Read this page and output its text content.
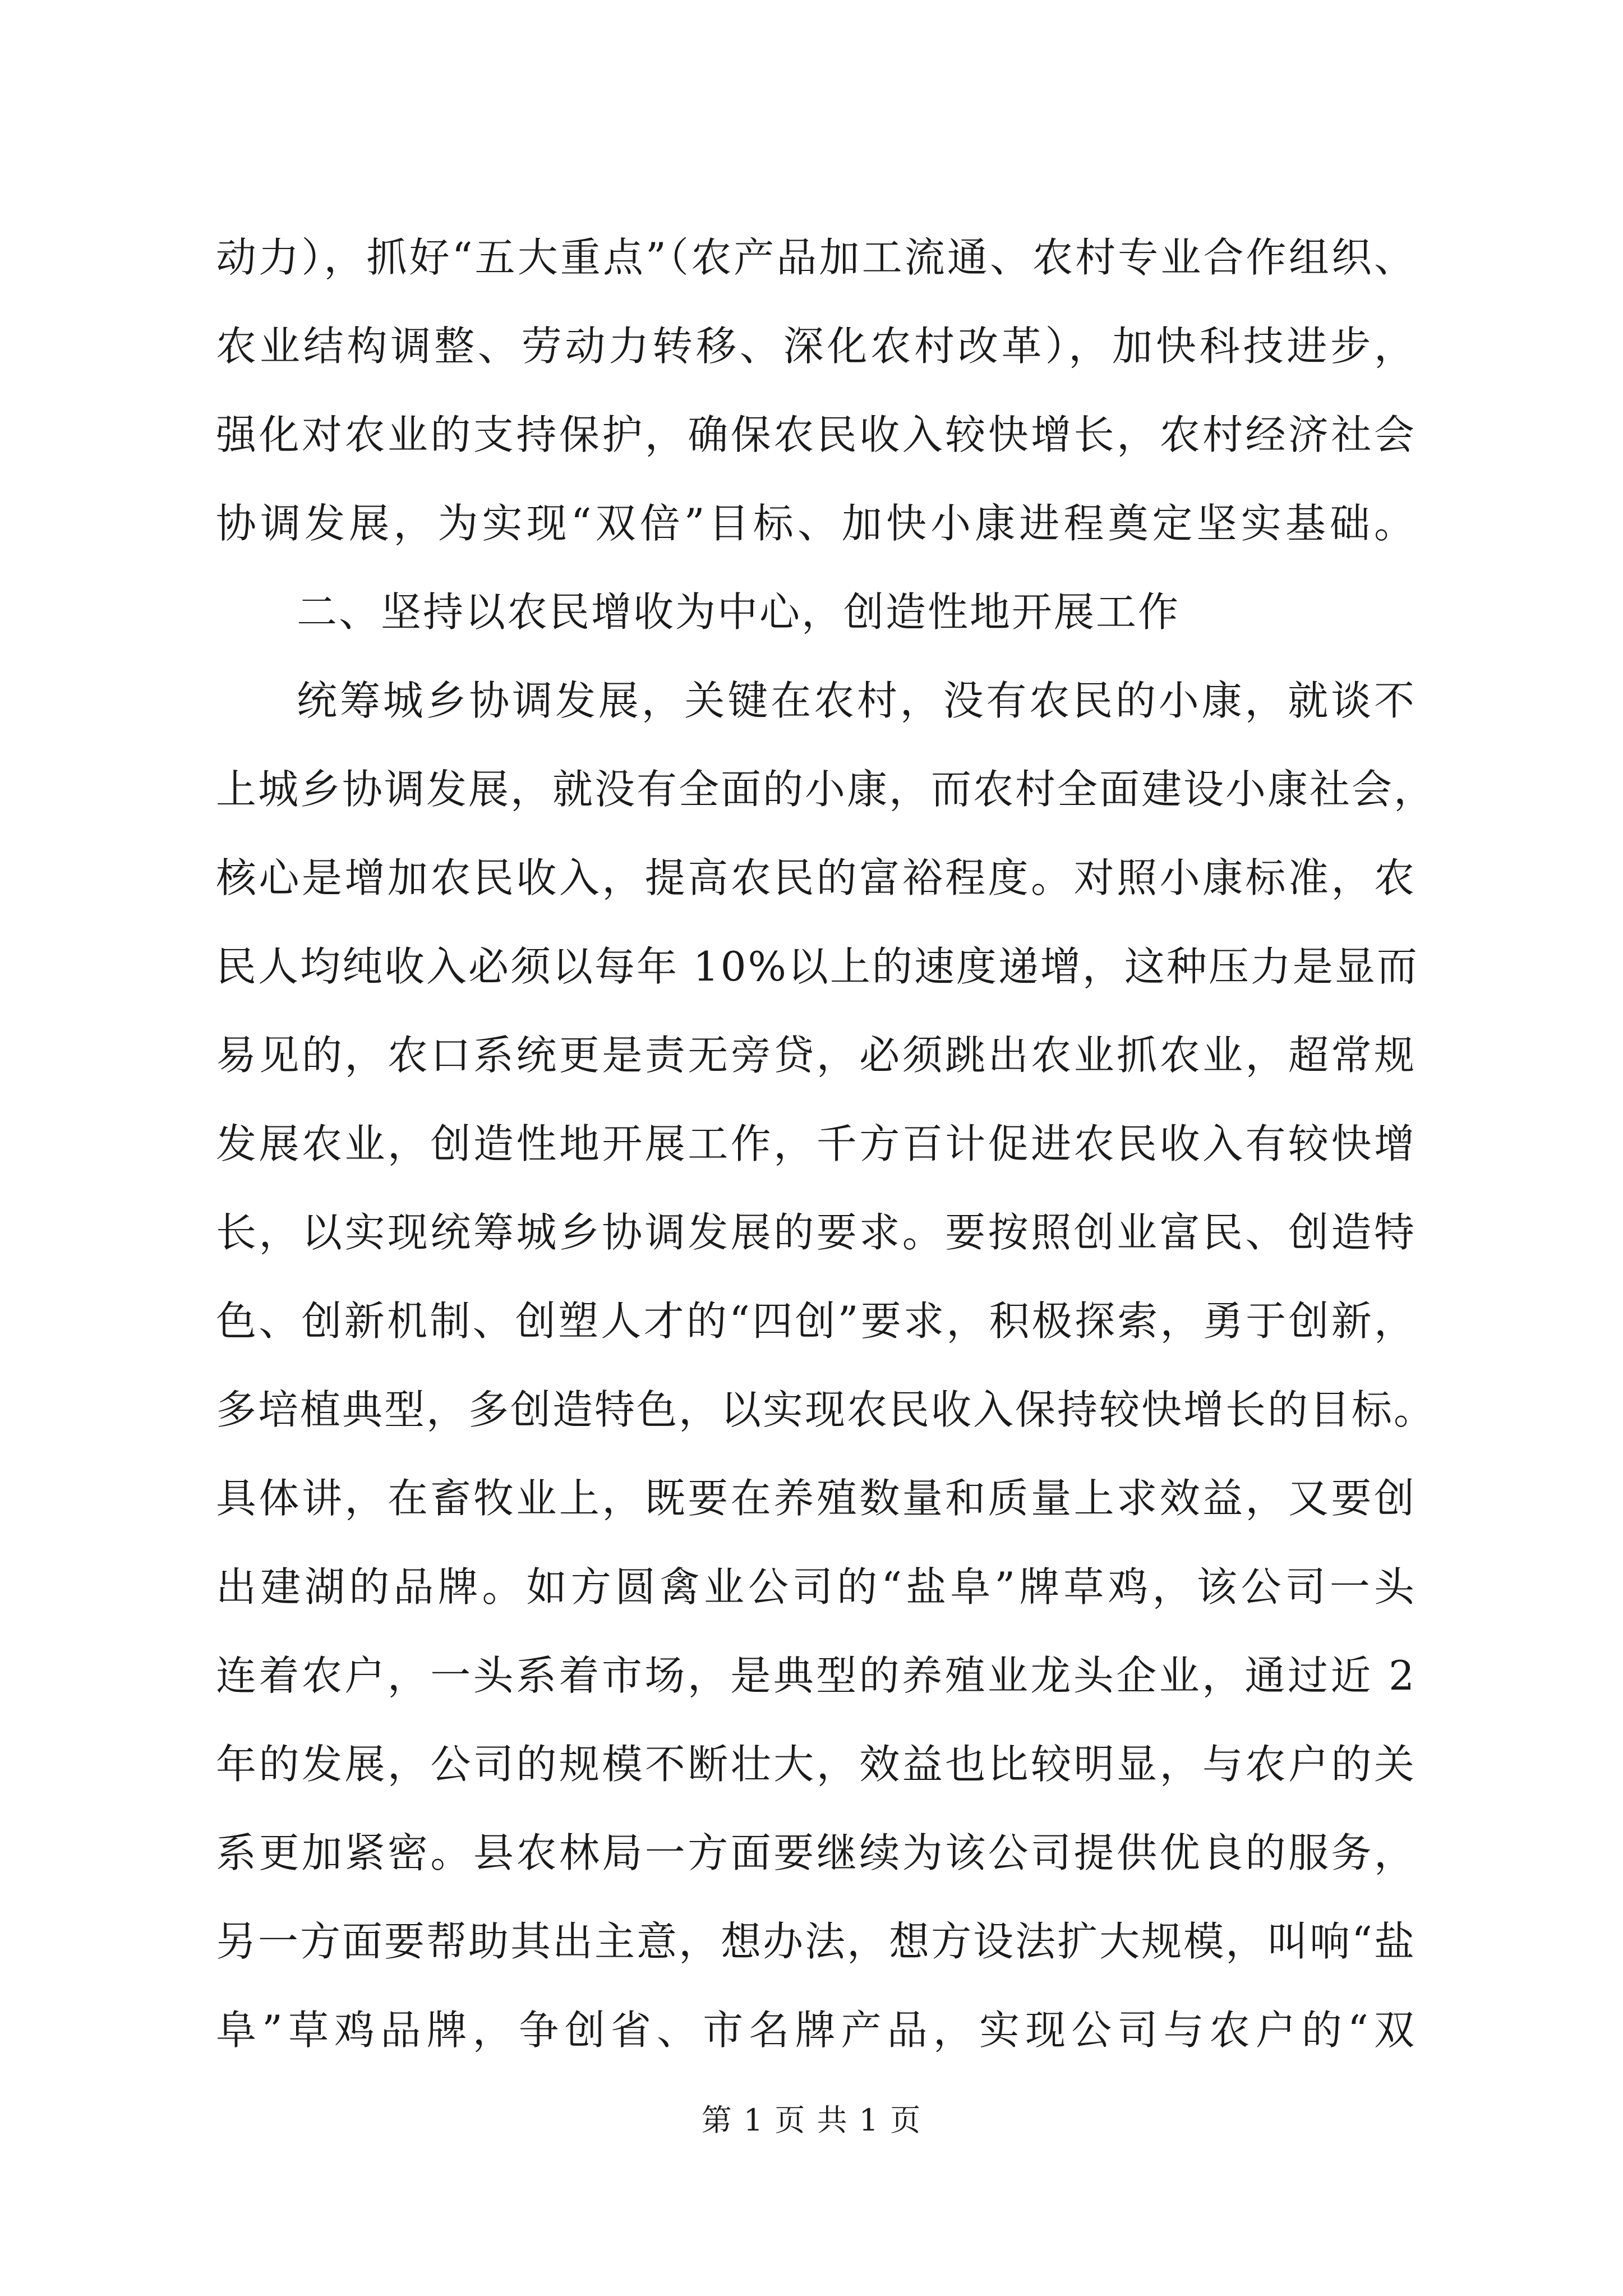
动力），抓好“五大重点”（农产品加工流通、农村专业合作组织、
农业结构调整、劳动力转移、深化农村改革），加快科技进步，
强化对农业的支持保护，确保农民收入较快增长，农村经济社会
协调发展，为实现“双倍”目标、加快小康进程奠定坚实基础。
二、坚持以农民增收为中心，创造性地开展工作
统筹城乡协调发展，关键在农村，没有农民的小康，就谈不
上城乡协调发展，就没有全面的小康，而农村全面建设小康社会，
核心是增加农民收入，提高农民的富裕程度。对照小康标准，农
民人均纯收入必须以每年 10%以上的速度递增，这种压力是显而
易见的，农口系统更是责无旁贷，必须跳出农业抓农业，超常规
发展农业，创造性地开展工作，千方百计促进农民收入有较快增
长，以实现统筹城乡协调发展的要求。要按照创业富民、创造特
色、创新机制、创塑人才的“四创”要求，积极探索，勇于创新，
多培植典型，多创造特色，以实现农民收入保持较快增长的目标。
具体讲，在畜牧业上，既要在养殖数量和质量上求效益，又要创
出建湖的品牌。如方圆禽业公司的“盐阜”牌草鸡，该公司一头
连着农户，一头系着市场，是典型的养殖业龙头企业，通过近 2
年的发展，公司的规模不断壮大，效益也比较明显，与农户的关
系更加紧密。县农林局一方面要继续为该公司提供优良的服务，
另一方面要帮助其出主意，想办法，想方设法扩大规模，叫响“盐
阜”草鸡品牌，争创省、市名牌产品，实现公司与农户的“双
第 1 页 共 1 页
